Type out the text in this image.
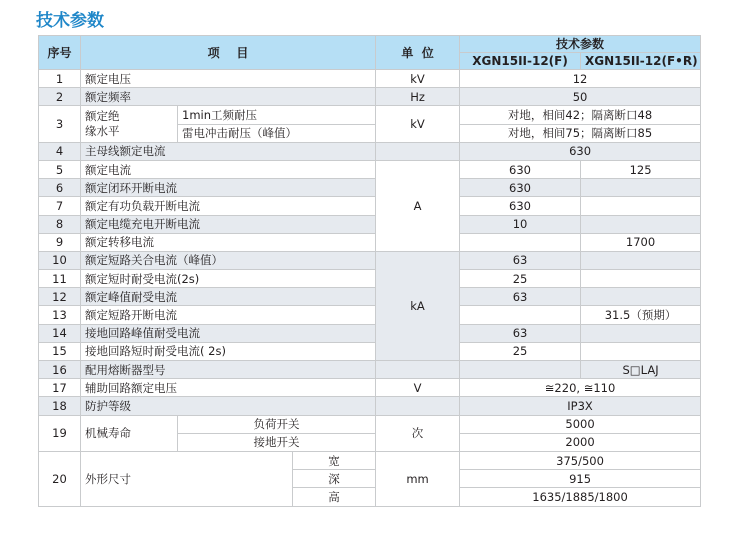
技术参数
序号	项    目			单  位	技术参数	
					XGN15II-12(F)	XGN15II-12(F•R)
1	额定电压			kV	12	
2	额定频率			Hz	50	
3	额定绝
缘水平	1min工频耐压		kV	对地，相间42；隔离断口48	
		雷电冲击耐压（峰值）			对地，相间75；隔离断口85	
4	主母线额定电流				630	
5	额定电流			A	630	125
6	额定闭环开断电流				630	
7	额定有功负载开断电流				630	
8	额定电缆充电开断电流				10	
9	额定转移电流					1700
10	额定短路关合电流（峰值）			kA	63	
11	额定短时耐受电流(2s)				25	
12	额定峰值耐受电流				63	
13	额定短路开断电流					31.5（预期）
14	接地回路峰值耐受电流				63	
15	接地回路短时耐受电流( 2s)				25	
16	配用熔断器型号					S□LAJ
17	辅助回路额定电压			V	≅220, ≅110	
18	防护等级				IP3X	
19	机械寿命	负荷开关		次	5000	
		接地开关			2000	
20	外形尺寸		宽	mm	375/500	
			深		915	
			高		1635/1885/1800	
